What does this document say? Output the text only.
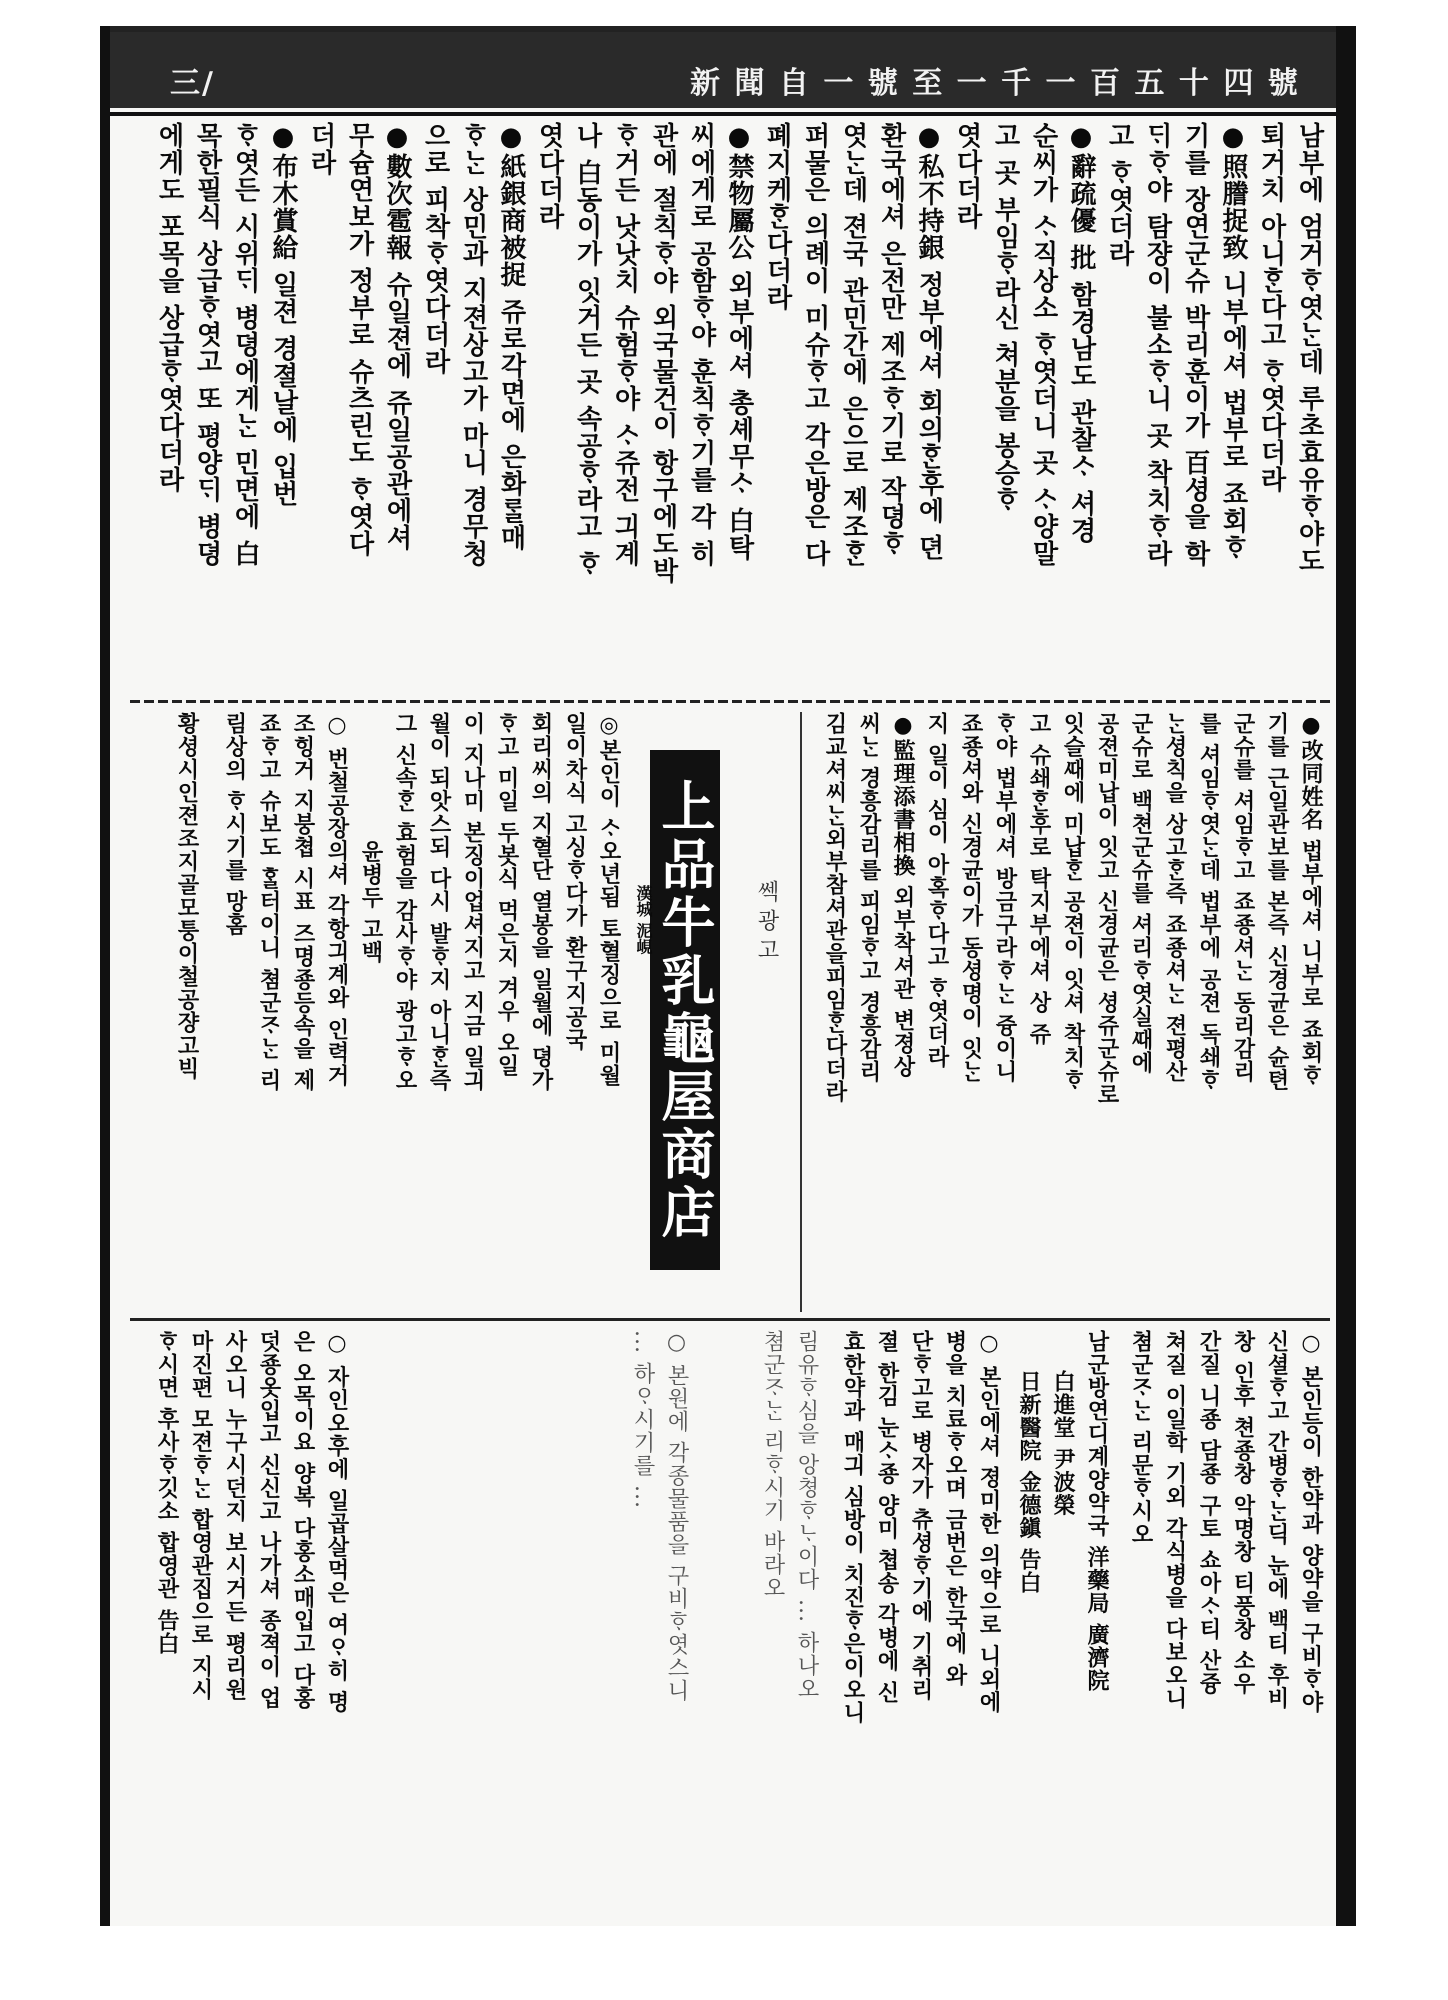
新 聞 自 一 號 至 一 千 一 百 五 十 四 號
三/
남부에 엄거ᄒᆞ엿ᄂᆞᆫ데 루초효유ᄒᆞ야도
퇴거치 아니ᄒᆞᆫ다고 ᄒᆞ엿다더라
●照謄捉致 니부에셔 법부로 죠회ᄒᆞ
기를 장연군슈 박리훈이가 百셩을 학
ᄃᆡᄒᆞ야 탐쟝이 불소ᄒᆞ니 곳 착치ᄒᆞ라
고 ᄒᆞ엿더라
●辭疏優 批 함경남도 관찰ᄉᆞ 셔경
순씨가 ᄉᆞ직상소 ᄒᆞ엿더니 곳 ᄉᆞ양말
고 곳 부임ᄒᆞ라신 쳐분을 봉승ᄒᆞ
엿다더라
●私不持銀 정부에셔 회의ᄒᆞᆫ후에 뎐
환국에셔 은전만 제조ᄒᆞ기로 작뎡ᄒᆞ
엿ᄂᆞᆫ데 젼국 관민간에 은으로 제조ᄒᆞᆫ
퍼물은 의례이 미슈ᄒᆞ고 각은방은 다
폐지케ᄒᆞᆫ다더라
●禁物屬公 외부에셔 총셰무ᄉᆞ 白탁
씨에게로 공함ᄒᆞ야 훈칙ᄒᆞ기를 각 히
관에 절칙ᄒᆞ야 외국물건이 항구에도박
ᄒᆞ거든 낫낫치 슈험ᄒᆞ야 ᄉᆞ쥬전 긔계
나 白동이가 잇거든 곳 속공ᄒᆞ라고 ᄒᆞ
엿다더라
●紙銀商被捉 쥬로각면에 은화ᄅᆞᆯ매
ᄒᆞᄂᆞᆫ 상민과 지젼상고가 마니 경무청
으로 피착ᄒᆞ엿다더라
●數次雹報 슈일젼에 쥬일공관에셔
무슘연보가 정부로 슈츠린도 ᄒᆞ엿다
더라
●布木賞給 일젼 경졀날에 입번
ᄒᆞ엿든 시위ᄃᆡ 병뎡에게ᄂᆞᆫ 민면에 白
목한필식 상급ᄒᆞ엿고 또 평양ᄃᆡ 병뎡
에게도 포목을 상급ᄒᆞ엿다더라
●改同姓名 법부에셔 니부로 죠회ᄒᆞ
기를 근일관보를 본즉 신경균은 슌텬
군슈를 셔임ᄒᆞ고 죠죵셔ᄂᆞᆫ 동리감리
를 셔임ᄒᆞ엿ᄂᆞᆫ데 법부에 공젼 독쇄ᄒᆞ
ᄂᆞᆫ셩칙을 상고ᄒᆞᆫ즉 죠죵셔ᄂᆞᆫ 젼평산
군슈로 백쳔군슈를 셔리ᄒᆞ엿실ᄯᅢ에
공젼미납이 잇고 신경균은 셩쥬군슈로
잇슬ᄯᅢ에 미납ᄒᆞᆫ 공젼이 잇셔 착치ᄒᆞ
고 슈쇄ᄒᆞᆫ후로 탁지부에셔 상 쥬
ᄒᆞ야 법부에셔 방금구라ᄒᆞᄂᆞᆫ 즁이니
죠죵셔와 신경균이가 동셩명이 잇ᄂᆞᆫ
지 일이 심이 아혹ᄒᆞ다고 ᄒᆞ엿더라
●監理添書相換 외부착셔관 변졍상
씨ᄂᆞᆫ 경흥감리를 피임ᄒᆞ고 경흥감리
김교셔씨ᄂᆞᆫ외부참셔관을피임ᄒᆞᆫ다더라
쎅 광 고
上品牛乳龜屋商店
漢城 泥峴
◎본인이 ᄉᆞ오년됨 토혈징으로 미월
일이차식 고싱ᄒᆞ다가 환구지공국
회리씨의 지혈단 열봉을 일월에 뎡가
ᄒᆞ고 미일 두봇식 먹은지 겨우 오일
이 지나미 본징이업셔지고 지금 일긔
월이 되앗스되 다시 발ᄒᆞ지 아니ᄒᆞᆫ즉
그 신속ᄒᆞᆫ 효험을 감사ᄒᆞ야 광고ᄒᆞ오
윤병두 고백
○ 번철공장의셔 각항긔계와 인력거
조힝거 지붕쳡 시표 즈명죵등속을 제
죠ᄒᆞ고 슈보도 ᄒᆞᆯ터이니 쳠군ᄌᆞᄂᆞᆫ 리
림상의 ᄒᆞ시기를 망홈
황셩시인젼조지골모퉁이철공쟝고빅
○ 본인등이 한약과 양약을 구비ᄒᆞ야
신셜ᄒᆞ고 간병ᄒᆞᄂᆞᆫ딕 눈에 백티 후비
창 인후 쳔죵창 악명창 티풍창 소우
간질 니죵 담죵 구토 쇼아ᄉᆞ티 산즁
쳐질 이일학 기외 각식병을 다보오니
쳠군ᄌᆞᄂᆞᆫ 리문ᄒᆞ시오
남군방연디계양약국 洋藥局 廣濟院
白進堂 尹波榮
日新醫院 金德鎭 告白
○ 본인에셔 졍미한 의약으로 니외에
병을 치료ᄒᆞ오며 금번은 한국에 와
단ᄒᆞ고로 병자가 츄셩ᄒᆞ기에 기취리
졀 한김 눈ᄉᆞ죵 양미 쳡송 각병에 신
효한약과 매긔 심방이 치진ᄒᆞ은이오니
림유ᄒᆞ심을 앙쳥ᄒᆞᄂᆞ이다 ... 하나오
쳠군ᄌᆞᄂᆞᆫ 리ᄒᆞ시기 바라오
○ 본원에 각종물품을 구비ᄒᆞ엿스니
... 하ᄋᆞ시기를 ...
○ 자인오후에 일곱살먹은 여ᄋᆞ히 명
은 오목이요 양복 다홍소매입고 다홍
덧죵옷입고 신신고 나가셔 종젹이 업
사오니 누구시던지 보시거든 평리원
마진편 모젼ᄒᆞᄂᆞᆫ 합영관집으로 지시
ᄒᆞ시면 후사ᄒᆞ깃소 합영관 告白
